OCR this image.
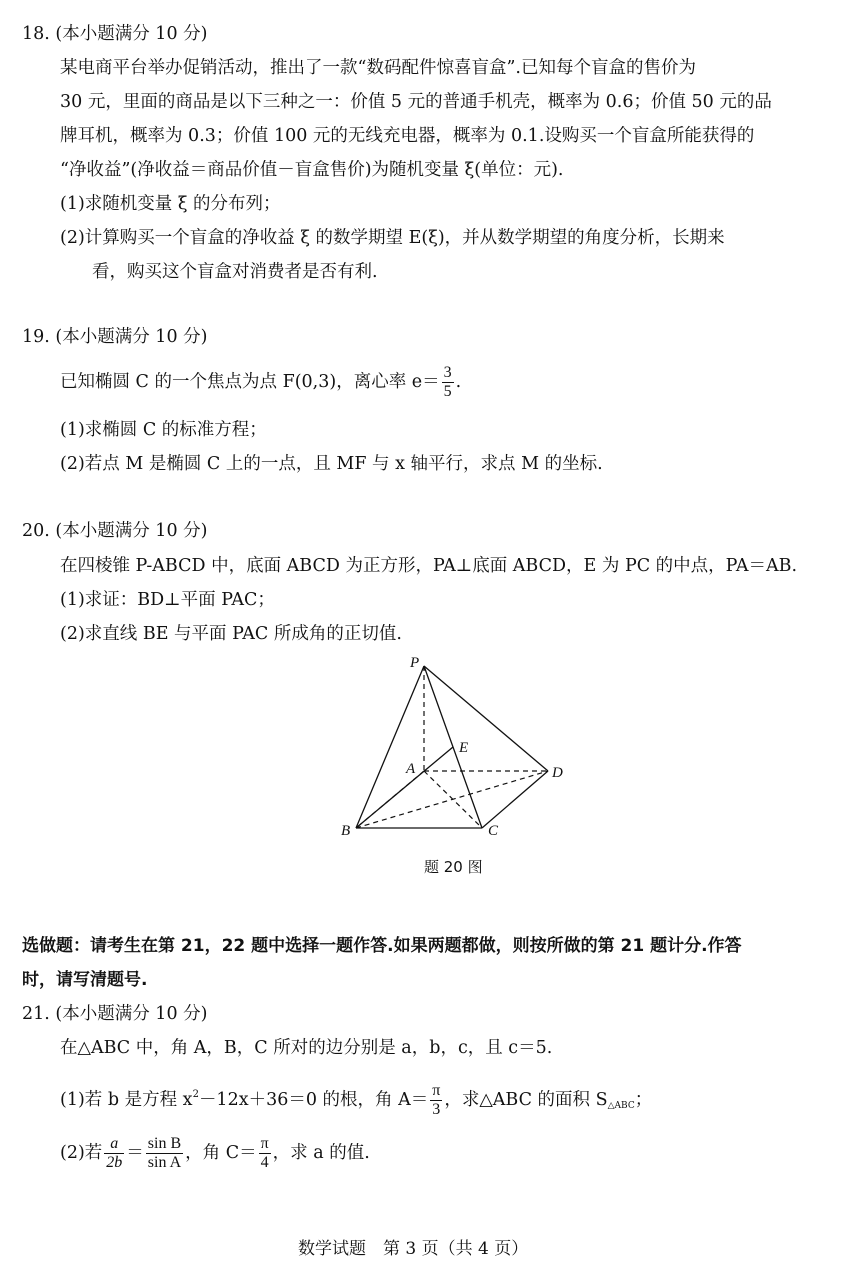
18. (本小题满分 10 分)
某电商平台举办促销活动，推出了一款“数码配件惊喜盲盒”.已知每个盲盒的售价为
30 元，里面的商品是以下三种之一：价值 5 元的普通手机壳，概率为 0.6；价值 50 元的品
牌耳机，概率为 0.3；价值 100 元的无线充电器，概率为 0.1.设购买一个盲盒所能获得的
“净收益”(净收益＝商品价值－盲盒售价)为随机变量 ξ(单位：元).
(1)求随机变量 ξ 的分布列；
(2)计算购买一个盲盒的净收益 ξ 的数学期望 E(ξ)，并从数学期望的角度分析，长期来
看，购买这个盲盒对消费者是否有利.
19. (本小题满分 10 分)
已知椭圆 C 的一个焦点为点 F(0,3)，离心率 $e= \frac{3}{5}$ .
(1)求椭圆 C 的标准方程；
(2)若点 M 是椭圆 C 上的一点，且 MF 与 x 轴平行，求点 M 的坐标.
20. (本小题满分 10 分)
在四棱锥 P-ABCD 中，底面 ABCD 为正方形，PA⊥底面 ABCD，E 为 PC 的中点，PA＝AB.
(1)求证：BD⊥平面 PAC；
(2)求直线 BE 与平面 PAC 所成角的正切值.
P
A
B	C
D
E
题 20 图
选做题：请考生在第 21，22 题中选择一题作答.如果两题都做，则按所做的第 21 题计分.作答
时，请写清题号.
21. (本小题满分 10 分)
在△ABC 中，角 A，B，C 所对的边分别是 a，b，c，且 c＝5.
(1)若 b 是方程 $x^2-12x+36=0$ 的根，角 $A= \frac{\pi}{3}$ ，求△ABC 的面积 $S_{\triangle ABC}$；
(2)若 $\frac{a}{2b} = \frac{\text{sin B}}{\text{sin A}}$ ，角 $C= \frac{\pi}{4}$ ，求 a 的值.
数学试题　第 3 页（共 4 页）
